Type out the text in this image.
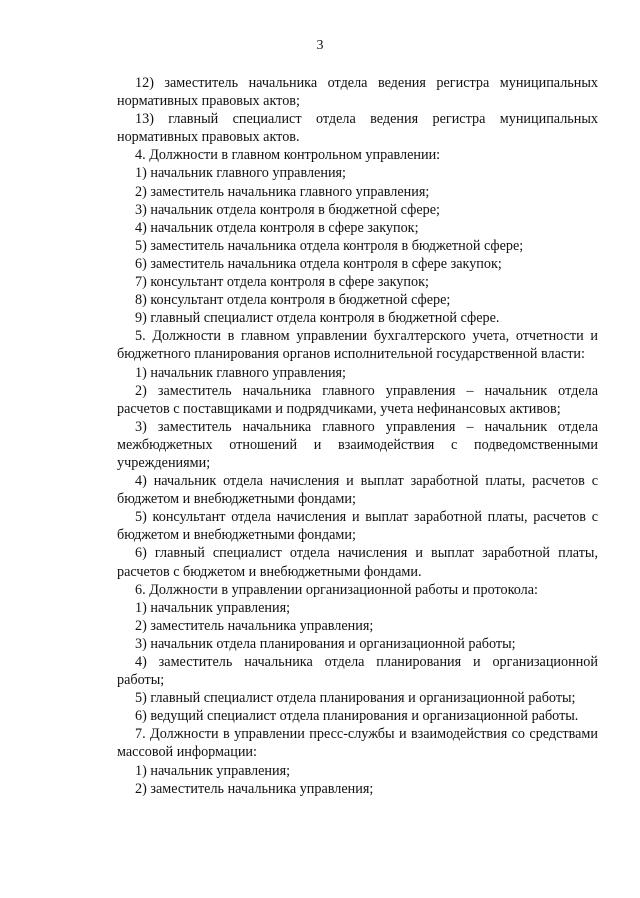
3

12) заместитель начальника отдела ведения регистра муниципальных нормативных правовых актов;

13) главный специалист отдела ведения регистра муниципальных нормативных правовых актов.

4. Должности в главном контрольном управлении:

1) начальник главного управления;

2) заместитель начальника главного управления;

3) начальник отдела контроля в бюджетной сфере;

4) начальник отдела контроля в сфере закупок;

5) заместитель начальника отдела контроля в бюджетной сфере;

6) заместитель начальника отдела контроля в сфере закупок;

7) консультант отдела контроля в сфере закупок;

8) консультант отдела контроля в бюджетной сфере;

9) главный специалист отдела контроля в бюджетной сфере.

5. Должности в главном управлении бухгалтерского учета, отчетности и бюджетного планирования органов исполнительной государственной власти:

1) начальник главного управления;

2) заместитель начальника главного управления – начальник отдела расчетов с поставщиками и подрядчиками, учета нефинансовых активов;

3) заместитель начальника главного управления – начальник отдела межбюджетных отношений и взаимодействия с подведомственными учреждениями;

4) начальник отдела начисления и выплат заработной платы, расчетов с бюджетом и внебюджетными фондами;

5) консультант отдела начисления и выплат заработной платы, расчетов с бюджетом и внебюджетными фондами;

6) главный специалист отдела начисления и выплат заработной платы, расчетов с бюджетом и внебюджетными фондами.

6. Должности в управлении организационной работы и протокола:

1) начальник управления;

2) заместитель начальника управления;

3) начальник отдела планирования и организационной работы;

4) заместитель начальника отдела планирования и организационной работы;

5) главный специалист отдела планирования и организационной работы;

6) ведущий специалист отдела планирования и организационной работы.

7. Должности в управлении пресс-службы и взаимодействия со средствами массовой информации:

1) начальник управления;

2) заместитель начальника управления;
